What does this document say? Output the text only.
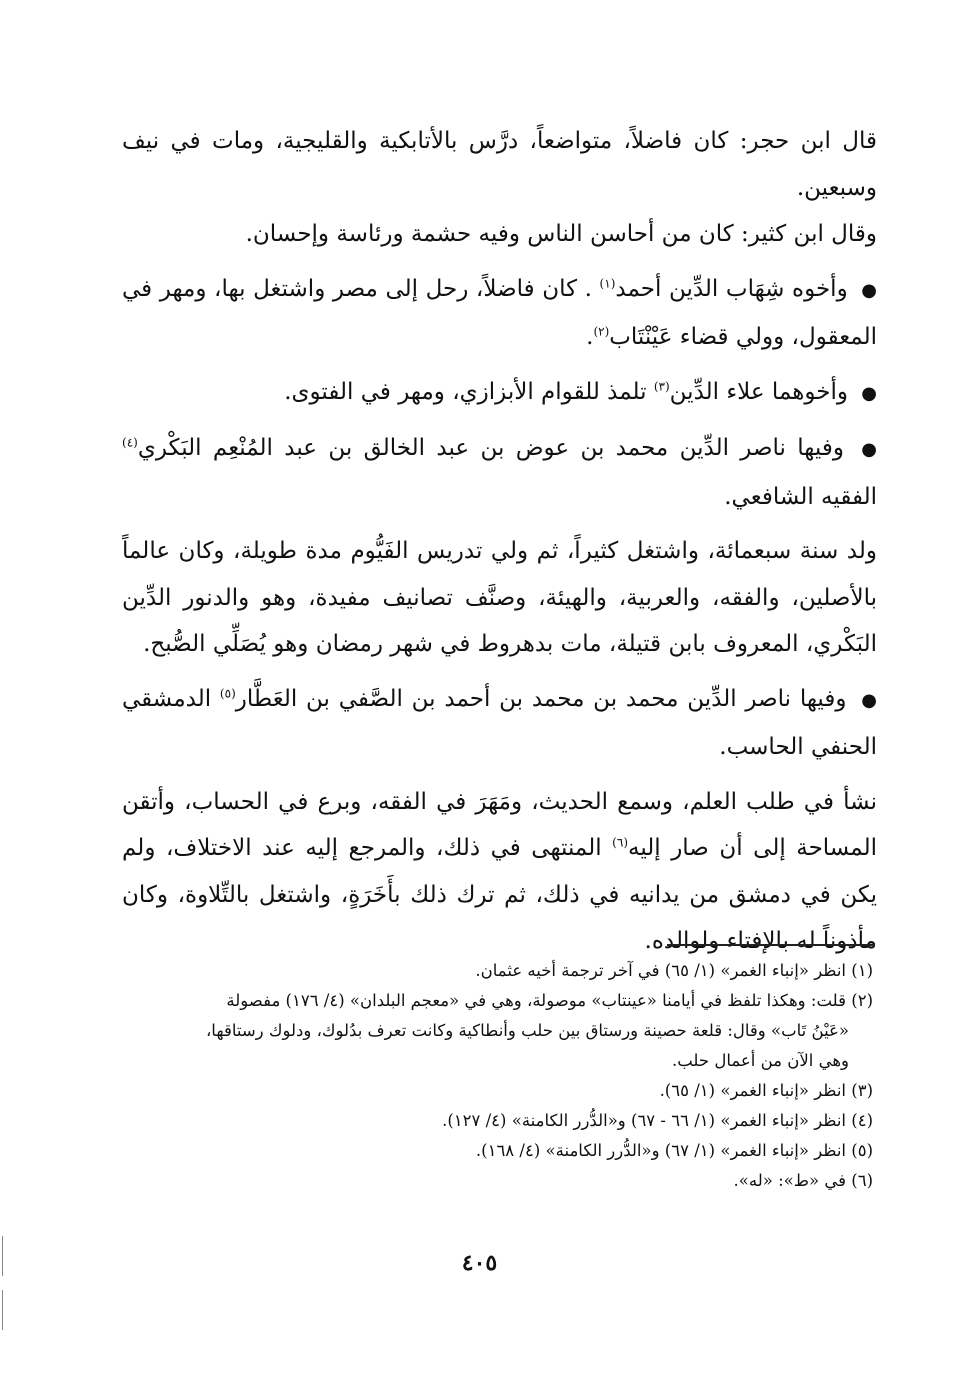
قال ابن حجر: كان فاضلاً، متواضعاً، درَّس بالأتابكية والقليجية، ومات في نيف وسبعين.

وقال ابن كثير: كان من أحاسن الناس وفيه حشمة ورئاسة وإحسان.

● وأخوه شِهَاب الدِّين أحمد$^{(١)}$ . كان فاضلاً، رحل إلى مصر واشتغل بها، ومهر في المعقول، وولي قضاء عَيْنْتَاب$^{(٢)}$.

● وأخوهما علاء الدِّين$^{(٣)}$ تلمذ للقوام الأبزازي، ومهر في الفتوى.

● وفيها ناصر الدِّين محمد بن عوض بن عبد الخالق بن عبد المُنْعِم البَكْري$^{(٤)}$ الفقيه الشافعي.

ولد سنة سبعمائة، واشتغل كثيراً، ثم ولي تدريس الفَيُّوم مدة طويلة، وكان عالماً بالأصلين، والفقه، والعربية، والهيئة، وصنَّف تصانيف مفيدة، وهو والدنور الدِّين البَكْري، المعروف بابن قتيلة، مات بدهروط في شهر رمضان وهو يُصَلِّي الصُّبح.

● وفيها ناصر الدِّين محمد بن محمد بن أحمد بن الصَّفي بن العَطَّار$^{(٥)}$ الدمشقي الحنفي الحاسب.

نشأ في طلب العلم، وسمع الحديث، ومَهَرَ في الفقه، وبرع في الحساب، وأتقن المساحة إلى أن صار إليه$^{(٦)}$ المنتهى في ذلك، والمرجع إليه عند الاختلاف، ولم يكن في دمشق من يدانيه في ذلك، ثم ترك ذلك بأَخَرَةٍ، واشتغل بالتِّلاوة، وكان مأذوناً له بالإفتاء ولوالده.

(١) انظر «إنباء الغمر» (١/ ٦٥) في آخر ترجمة أخيه عثمان.

(٢) قلت: وهكذا تلفظ في أيامنا «عينتاب» موصولة، وهي في «معجم البلدان» (٤/ ١٧٦) مفصولة

«عَيْنُ تَاب» وقال: قلعة حصينة ورستاق بين حلب وأنطاكية وكانت تعرف بدُلوك، ودلوك رستاقها،

وهي الآن من أعمال حلب.

(٣) انظر «إنباء الغمر» (١/ ٦٥).

(٤) انظر «إنباء الغمر» (١/ ٦٦ - ٦٧) و«الدُّرر الكامنة» (٤/ ١٢٧).

(٥) انظر «إنباء الغمر» (١/ ٦٧) و«الدُّرر الكامنة» (٤/ ١٦٨).

(٦) في «ط»: «له».

٤٠٥
